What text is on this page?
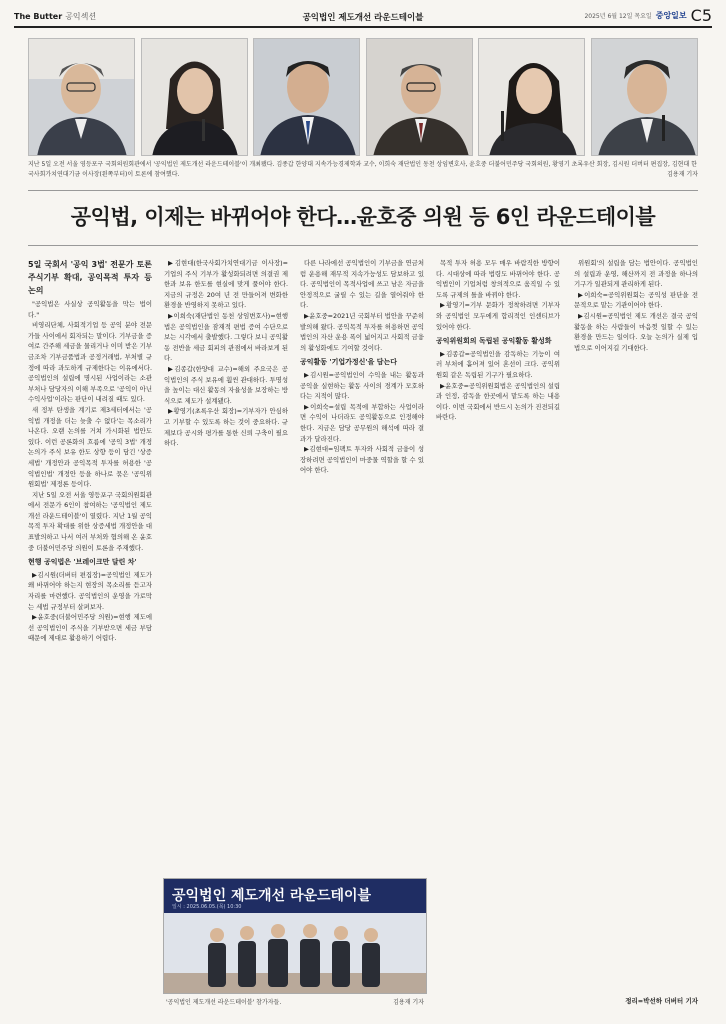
The Butter 공익섹션	공익법인 제도개선 라운드테이블	2025년 6월 12일 목요일 중앙일보 C5
지난 5일 오전 서울 영등포구 국회의원회관에서 '공익법인 제도개선 라운드테이블'이 개최됐다. 김종갑 한양대 지속가능경제학과 교수, 이희숙 재단법인 동천 상임변호사, 윤호중 더불어민주당 국회의원, 황영기 초록우산 회장, 김시원 더버터 편집장, 김현대 한국사회가치연대기금 이사장(왼쪽부터)이 토론에 참여했다.	김용재 기자
공익법, 이제는 바뀌어야 한다…윤호중 의원 등 6인 라운드테이블

5일 국회서 '공익 3법' 전문가 토론 주식기부 확대, 공익목적 투자 등 논의

"공익법은 사실상 공익활동을 막는 법이다."

비영리단체, 사회적기업 등 공익 분야 전문가들 사이에서 회자되는 말이다. 기부금을 증여로 간주해 세금을 물리거나 이미 받은 기부금조차 기부금품법과 공정거래법, 부처별 규정에 따라 과도하게 규제한다는 이유에서다. 공익법인의 설립에 명시된 사업이라는 소관 부처나 담당자의 이해 부족으로 '공익이 아닌 수익사업'이라는 판단이 내려질 때도 있다.

새 정부 탄생을 계기로 제3세터에서는 '공익법 개정을 더는 늦출 수 없다'는 목소리가 나온다. 오랜 논의를 거쳐 가시화된 법안도 있다. 이런 공론화의 흐름에 '공익 3법' 개정 논의가 주식 보유 한도 상향 등이 담긴 '상증세법' 개정안과 공익목적 투자를 허용한 '공익법인법' 개정안 등을 하나로 묶은 '공익위원회법' 제정론 등이다.

지난 5일 오전 서울 영등포구 국회의원회관에서 전문가 6인이 참여하는 '공익법인 제도개선 라운드테이블'이 열렸다. 지난 1월 공익목적 투자 확대를 위한 상증세법 개정안을 대표발의하고 나서 여러 부처와 협의해 온 윤호중 더불어민주당 의원이 토론을 주재했다.

현행 공익법은 '브레이크만 달린 차'

▶김시원(더버터 편집장)=공익법인 제도가 왜 바뀌어야 하는지 현장의 목소리를 듣고자 자리를 마련했다. 공익법인의 운영을 가로막는 세법 규정부터 살펴보자.

▶윤호중(더불어민주당 의원)=현행 제도에선 공익법인이 주식을 기부받으면 세금 부담 때문에 제대로 활용하기 어렵다.

▶김현대(한국사회가치연대기금 이사장)=기업의 주식 기부가 활성화되려면 의결권 제한과 보유 한도를 현실에 맞게 풀어야 한다. 지금의 규정은 20여 년 전 만들어져 변화한 환경을 반영하지 못하고 있다.

▶이희숙(재단법인 동천 상임변호사)=현행 법은 공익법인을 잠재적 편법 증여 수단으로 보는 시각에서 출발했다. 그렇다 보니 공익활동 전반을 세금 회피의 관점에서 바라보게 된다.

▶김종갑(한양대 교수)=해외 주요국은 공익법인의 주식 보유에 훨씬 관대하다. 투명성을 높이는 대신 활동의 자율성을 보장하는 방식으로 제도가 설계됐다.

▶황영기(초록우산 회장)=기부자가 안심하고 기부할 수 있도록 하는 것이 중요하다. 규제보다 공시와 평가를 통한 신뢰 구축이 필요하다.

다른 나라에선 공익법인이 기부금을 연금처럼 운용해 재무적 지속가능성도 담보하고 있다. 공익법인이 목적사업에 쓰고 남은 자금을 안정적으로 굴릴 수 있는 길을 열어줘야 한다.

▶윤호중=2021년 국회부터 법안을 꾸준히 발의해 왔다. 공익목적 투자를 허용하면 공익법인의 자산 운용 폭이 넓어지고 사회적 금융의 활성화에도 기여할 것이다.

공익활동 '기업가정신'을 담는다

▶김시원=공익법인이 수익을 내는 활동과 공익을 실현하는 활동 사이의 경계가 모호하다는 지적이 많다.

▶이희숙=설립 목적에 부합하는 사업이라면 수익이 나더라도 공익활동으로 인정해야 한다. 지금은 담당 공무원의 해석에 따라 결과가 달라진다.

▶김현대=임팩트 투자와 사회적 금융이 성장하려면 공익법인이 마중물 역할을 할 수 있어야 한다.

목적 투자 허용 모두 매우 바람직한 방향이다. 시대상에 따라 법령도 바뀌어야 한다. 공익법인이 기업처럼 창의적으로 움직일 수 있도록 규제의 틀을 바꿔야 한다.

▶황영기=기부 문화가 정착하려면 기부자와 공익법인 모두에게 합리적인 인센티브가 있어야 한다.

공익위원회의 독립된 공익활동 활성화

▶김종갑=공익법인을 감독하는 기능이 여러 부처에 흩어져 있어 혼선이 크다. 공익위원회 같은 독립된 기구가 필요하다.

▶윤호중=공익위원회법은 공익법인의 설립과 인정, 감독을 한곳에서 맡도록 하는 내용이다. 이번 국회에서 반드시 논의가 진전되길 바란다.

위원회'의 설립을 담는 법안이다. 공익법인의 설립과 운영, 해산까지 전 과정을 하나의 기구가 일관되게 관리하게 된다.

▶이희숙=공익위원회는 공익성 판단을 전문적으로 맡는 기관이어야 한다.

▶김시원=공익법인 제도 개선은 결국 공익활동을 하는 사람들이 마음껏 일할 수 있는 환경을 만드는 일이다. 오늘 논의가 실제 입법으로 이어지길 기대한다.

공익법인 제도개선 라운드테이블
일시 : 2025.06.05.(목) 10:30
'공익법인 제도개선 라운드테이블' 참가자들.	김용재 기자	정리=박선하 더버터 기자
